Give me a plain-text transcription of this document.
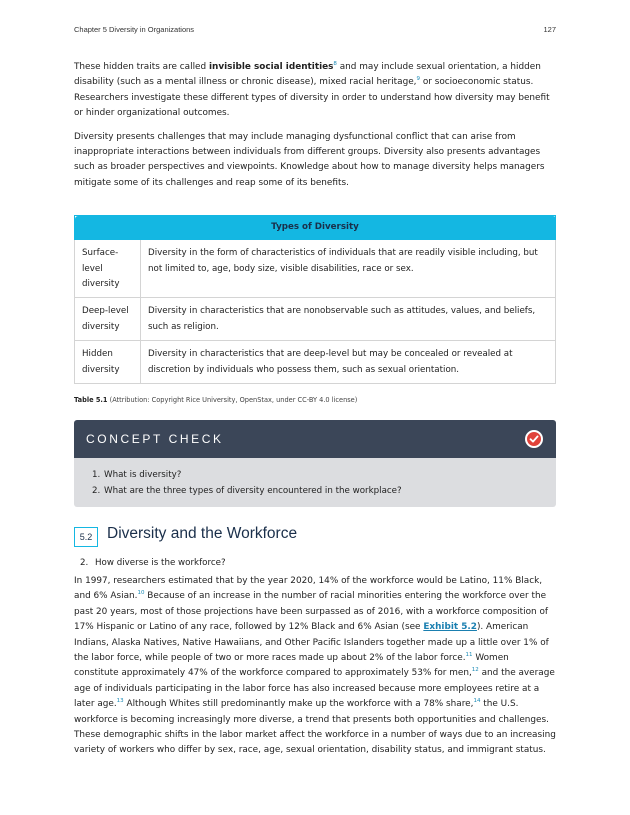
Chapter 5 Diversity in Organizations	127

These hidden traits are called invisible social identities$^8$ and may include sexual orientation, a hidden disability (such as a mental illness or chronic disease), mixed racial heritage,$^9$ or socioeconomic status. Researchers investigate these different types of diversity in order to understand how diversity may benefit or hinder organizational outcomes.

Diversity presents challenges that may include managing dysfunctional conflict that can arise from inappropriate interactions between individuals from different groups. Diversity also presents advantages such as broader perspectives and viewpoints. Knowledge about how to manage diversity helps managers mitigate some of its challenges and reap some of its benefits.

Types of Diversity	
Surface-level diversity	Diversity in the form of characteristics of individuals that are readily visible including, but not limited to, age, body size, visible disabilities, race or sex.
Deep-level diversity	Diversity in characteristics that are nonobservable such as attitudes, values, and beliefs, such as religion.
Hidden diversity	Diversity in characteristics that are deep-level but may be concealed or revealed at discretion by individuals who possess them, such as sexual orientation.
Table 5.1 (Attribution: Copyright Rice University, OpenStax, under CC-BY 4.0 license)
CONCEPT CHECK
1. What is diversity?
2. What are the three types of diversity encountered in the workplace?
5.2 Diversity and the Workforce
2. How diverse is the workforce?

In 1997, researchers estimated that by the year 2020, 14% of the workforce would be Latino, 11% Black, and 6% Asian.$^{10}$ Because of an increase in the number of racial minorities entering the workforce over the past 20 years, most of those projections have been surpassed as of 2016, with a workforce composition of 17% Hispanic or Latino of any race, followed by 12% Black and 6% Asian (see Exhibit 5.2). American Indians, Alaska Natives, Native Hawaiians, and Other Pacific Islanders together made up a little over 1% of the labor force, while people of two or more races made up about 2% of the labor force.$^{11}$ Women constitute approximately 47% of the workforce compared to approximately 53% for men,$^{12}$ and the average age of individuals participating in the labor force has also increased because more employees retire at a later age.$^{13}$ Although Whites still predominantly make up the workforce with a 78% share,$^{14}$ the U.S. workforce is becoming increasingly more diverse, a trend that presents both opportunities and challenges. These demographic shifts in the labor market affect the workforce in a number of ways due to an increasing variety of workers who differ by sex, race, age, sexual orientation, disability status, and immigrant status.
